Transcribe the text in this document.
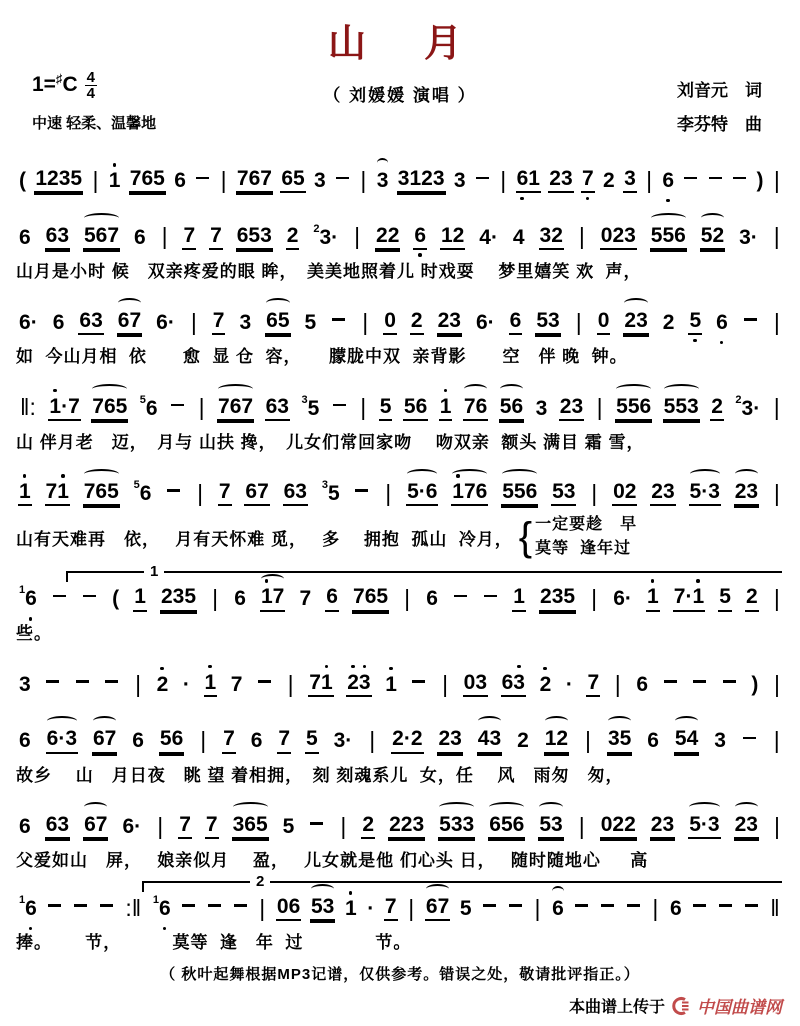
山　月
（ 刘媛媛 演唱 ）
$1=^♯C \frac{4}{4}$
中速 轻柔、温馨地
刘音元　词
李芬特　曲
( 1235 | 1 765 6 | 767 65 3 | 3 3123 3 | 61 23 7 2 3 | 6	) |
6 63 567 6 | 7 7 653 2 $^2$3· | 22 6 12 4· 4 32 | 023 556 52 3· |
山月是小时 候　双亲疼爱的眼 眸，　美美地照着儿 时戏耍　 梦里嬉笑 欢  声，
6· 6 63 67 6· | 7 3 65 5 | 0 2 23 6· 6 53 | 0 23 2 5 6 |
如  今山月相  依　　愈  显 仓  容，　　朦胧中双  亲背影　　空　伴 晚  钟。
‖: 1·7 765 $^5$6 | 767 63 $^3$5 | 5 56 1 76 56 3 23 | 556 553 2 $^2$3· |
山 伴月老　迈，　月与 山扶 搀，　儿女们常回家吻　 吻双亲  额头 满目 霜 雪，
1 71 765 $^5$6 | 7 67 63 $^3$5 | 5·6 176 556 53 | 02 23 5·3 23 |
山有天难再　依，　 月有天怀难 觅，　 多　 拥抱  孤山  冷月， { 一定要趁　早
莫等  逢年过
1
$^1$6	( 1 235 | 6 17 7 6 765 | 6	1 235 | 6· 1 7·1 5 2 |
些。
3	| 2 · 1 7 | 71 23 1 | 03 63 2 · 7 | 6	) |
6 6·3 67 6 56 | 7 6 7 5 3· | 2·2 23 43 2 12 | 35 6 54 3 |
故乡　 山　月日夜　眺 望 着相拥，　刻 刻魂系儿  女，任　 风　雨匆　匆，
6 63 67 6· | 7 7 365 5 | 2 223 533 656 53 | 022 23 5·3 23 |
父爱如山　屏，　 娘亲似月　 盈，　 儿女就是他 们心头 日，　 随时随地心　  高
2
$^1$6	:‖ $^1$6	| 06 53 1 · 7 | 67 5	| 6	| 6	‖
捧。　　 节，　　　 莫等  逢　年  过　　　　节。
（ 秋叶起舞根据MP3记谱，仅供参考。错误之处，敬请批评指正。）
本曲谱上传于 中国曲谱网
